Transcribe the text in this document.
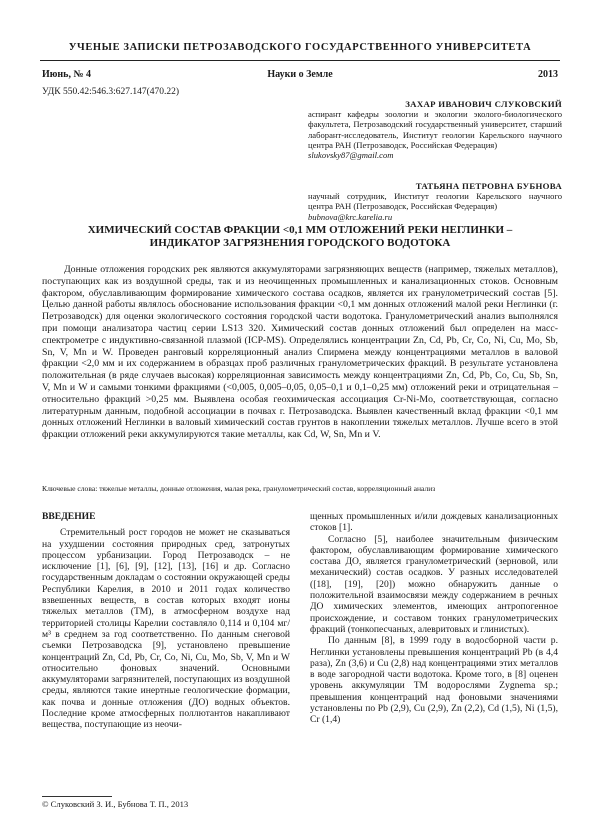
УЧЕНЫЕ ЗАПИСКИ ПЕТРОЗАВОДСКОГО ГОСУДАРСТВЕННОГО УНИВЕРСИТЕТА
Науки о Земле
Июнь, № 4	2013
УДК 550.42:546.3:627.147(470.22)
ЗАХАР ИВАНОВИЧ СЛУКОВСКИЙ
аспирант кафедры зоологии и экологии эколого-биологического факультета, Петрозаводский государственный университет, старший лаборант-исследователь, Институт геологии Карельского научного центра РАН (Петрозаводск, Российская Федерация)
slukovsky87@gmail.com
ТАТЬЯНА ПЕТРОВНА БУБНОВА
научный сотрудник, Институт геологии Карельского научного центра РАН (Петрозаводск, Российская Федерация)
bubnova@krc.karelia.ru
ХИМИЧЕСКИЙ СОСТАВ ФРАКЦИИ <0,1 ММ ОТЛОЖЕНИЙ РЕКИ НЕГЛИНКИ – ИНДИКАТОР ЗАГРЯЗНЕНИЯ ГОРОДСКОГО ВОДОТОКА
Донные отложения городских рек являются аккумуляторами загрязняющих веществ (например, тяжелых металлов), поступающих как из воздушной среды, так и из неочищенных промышленных и канализационных стоков. Основным фактором, обуславливающим формирование химического состава осадков, является их гранулометрический состав [5]. Целью данной работы являлось обоснование использования фракции <0,1 мм донных отложений малой реки Неглинки (г. Петрозаводск) для оценки экологического состояния городской части водотока. Гранулометрический анализ выполнялся при помощи анализатора частиц серии LS13 320. Химический состав донных отложений был определен на масс-спектрометре с индуктивно-связанной плазмой (ICP-MS). Определялись концентрации Zn, Cd, Pb, Cr, Co, Ni, Cu, Mo, Sb, Sn, V, Mn и W. Проведен ранговый корреляционный анализ Спирмена между концентрациями металлов в валовой фракции <2,0 мм и их содержанием в образцах проб различных гранулометрических фракций. В результате установлена положительная (в ряде случаев высокая) корреляционная зависимость между концентрациями Zn, Cd, Pb, Co, Cu, Sb, Sn, V, Mn и W и самыми тонкими фракциями (<0,005, 0,005–0,05, 0,05–0,1 и 0,1–0,25 мм) отложений реки и отрицательная – относительно фракций >0,25 мм. Выявлена особая геохимическая ассоциация Cr-Ni-Mo, соответствующая, согласно литературным данным, подобной ассоциации в почвах г. Петрозаводска. Выявлен качественный вклад фракции <0,1 мм донных отложений Неглинки в валовый химический состав грунтов в накоплении тяжелых металлов. Лучше всего в этой фракции отложений реки аккумулируются такие металлы, как Cd, W, Sn, Mn и V.
Ключевые слова: тяжелые металлы, донные отложения, малая река, гранулометрический состав, корреляционный анализ
ВВЕДЕНИЕ

Стремительный рост городов не может не сказываться на ухудшении состояния природных сред, затронутых процессом урбанизации. Город Петрозаводск – не исключение [1], [6], [9], [12], [13], [16] и др. Согласно государственным докладам о состоянии окружающей среды Республики Карелия, в 2010 и 2011 годах количество взвешенных веществ, в состав которых входят ионы тяжелых металлов (ТМ), в атмосферном воздухе над территорией столицы Карелии составляло 0,114 и 0,104 мг/м³ в среднем за год соответственно. По данным снеговой съемки Петрозаводска [9], установлено превышение концентраций Zn, Cd, Pb, Cr, Co, Ni, Cu, Mo, Sb, V, Mn и W относительно фоновых значений. Основными аккумуляторами загрязнителей, поступающих из воздушной среды, являются такие инертные геологические формации, как почва и донные отложения (ДО) водных объектов. Последние кроме атмосферных поллютантов накапливают вещества, поступающие из неочи-

щенных промышленных и/или дождевых канализационных стоков [1].

Согласно [5], наиболее значительным физическим фактором, обуславливающим формирование химического состава ДО, является гранулометрический (зерновой, или механический) состав осадков. У разных исследователей ([18], [19], [20]) можно обнаружить данные о положительной взаимосвязи между содержанием в речных ДО химических элементов, имеющих антропогенное происхождение, и составом тонких гранулометрических фракций (тонкопесчаных, алевритовых и глинистых).

По данным [8], в 1999 году в водосборной части р. Неглинки установлены превышения концентраций Pb (в 4,4 раза), Zn (3,6) и Cu (2,8) над концентрациями этих металлов в воде загородной части водотока. Кроме того, в [8] оценен уровень аккумуляции ТМ водорослями Zygnema sp.; превышения концентраций над фоновыми значениями установлены по Pb (2,9), Cu (2,9), Zn (2,2), Cd (1,5), Ni (1,5), Cr (1,4)

© Слуковский З. И., Бубнова Т. П., 2013
